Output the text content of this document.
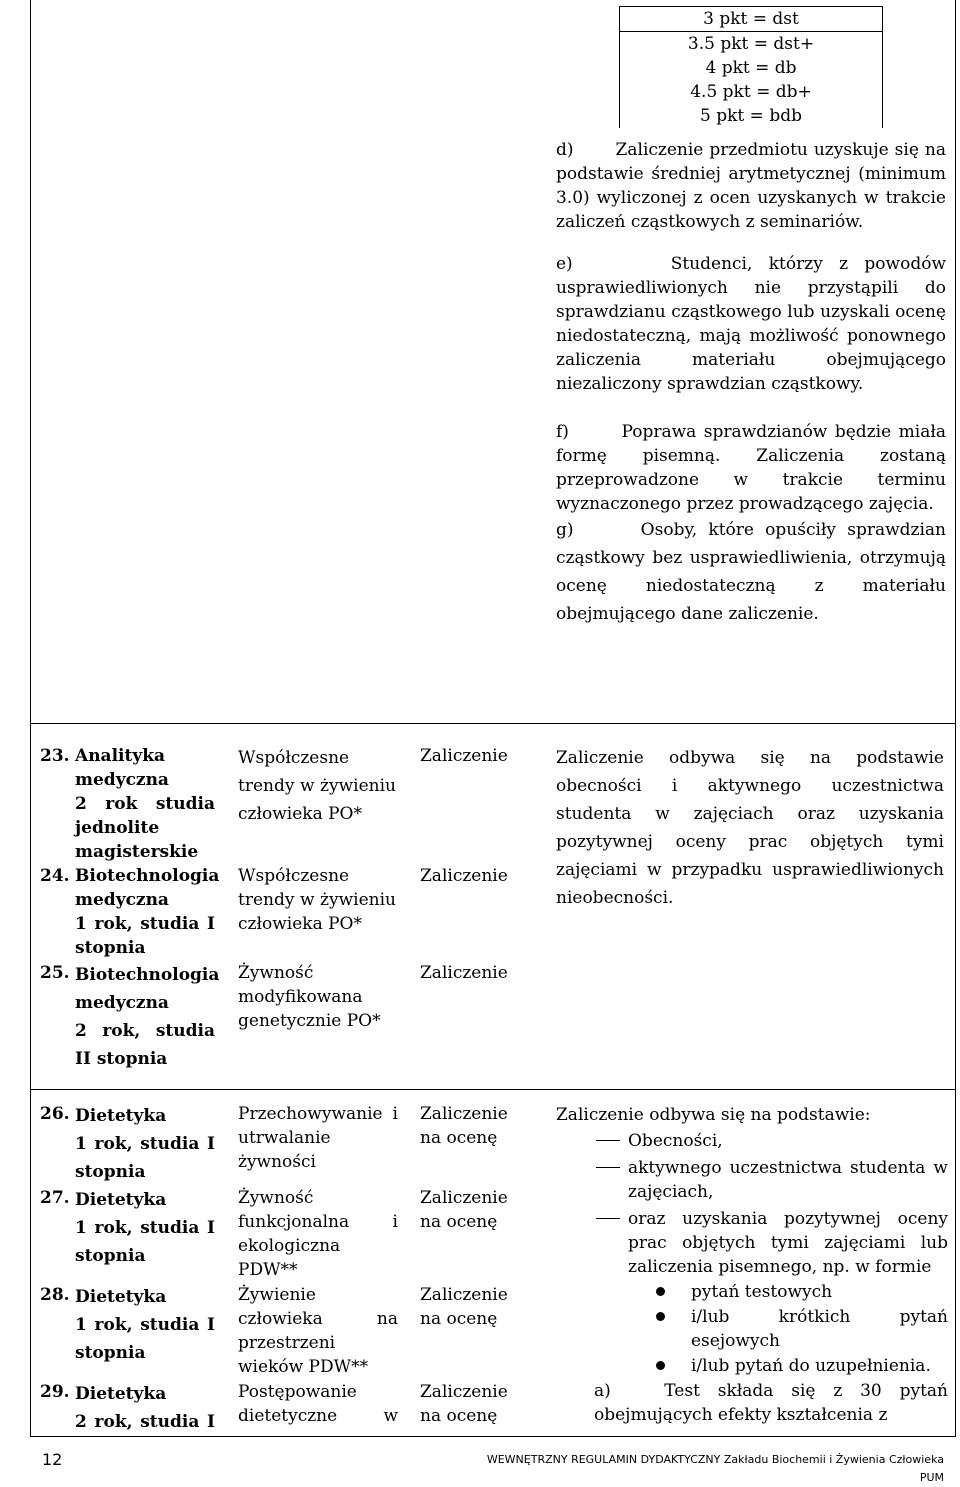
3 pkt = dst
3.5 pkt = dst+
4 pkt = db
4.5 pkt = db+
5 pkt = bdb
d)       Zaliczenie przedmiotu uzyskuje się na podstawie średniej arytmetycznej (minimum 3.0) wyliczonej z ocen uzyskanych w trakcie zaliczeń cząstkowych z seminariów.
e)      Studenci, którzy z powodów usprawiedliwionych nie przystąpili do sprawdzianu cząstkowego lub uzyskali ocenę niedostateczną, mają możliwość ponownego zaliczenia materiału obejmującego niezaliczony sprawdzian cząstkowy.
f)       Poprawa sprawdzianów będzie miała formę pisemną. Zaliczenia zostaną przeprowadzone w trakcie terminu wyznaczonego przez prowadzącego zajęcia.
g)      Osoby, które opuściły sprawdzian cząstkowy bez usprawiedliwienia, otrzymują ocenę niedostateczną z materiału obejmującego dane zaliczenie.
23. Analityka medyczna
2 rok studia jednolite magisterskie
Współczesne trendy w żywieniu człowieka PO*
Zaliczenie
24. Biotechnologia medyczna
1 rok, studia I stopnia
Współczesne trendy w żywieniu człowieka PO*
Zaliczenie
25. Biotechnologia medyczna
2 rok, studia II stopnia
Żywność modyfikowana genetycznie PO*
Zaliczenie
Zaliczenie odbywa się na podstawie obecności i aktywnego uczestnictwa studenta w zajęciach oraz uzyskania pozytywnej oceny prac objętych tymi zajęciami w przypadku usprawiedliwionych nieobecności.
26. Dietetyka
1 rok, studia I stopnia
Przechowywanie i utrwalanie żywności
Zaliczenie
na ocenę
27. Dietetyka
1 rok, studia I stopnia
Żywność funkcjonalna i ekologiczna PDW**
Zaliczenie
na ocenę
28. Dietetyka
1 rok, studia I stopnia
Żywienie człowieka na przestrzeni wieków PDW**
Zaliczenie
na ocenę
29. Dietetyka
2 rok, studia I
Postępowanie dietetyczne w
Zaliczenie
na ocenę
Zaliczenie odbywa się na podstawie:
Obecności,
aktywnego uczestnictwa studenta w zajęciach,
oraz uzyskania pozytywnej oceny prac objętych tymi zajęciami lub zaliczenia pisemnego, np. w formie
pytań testowych
i/lub krótkich pytań esejowych
i/lub pytań do uzupełnienia.
a)   Test składa się z 30 pytań obejmujących efekty kształcenia z
12	WEWNĘTRZNY REGULAMIN DYDAKTYCZNY Zakładu Biochemii i Żywienia Człowieka
PUM
